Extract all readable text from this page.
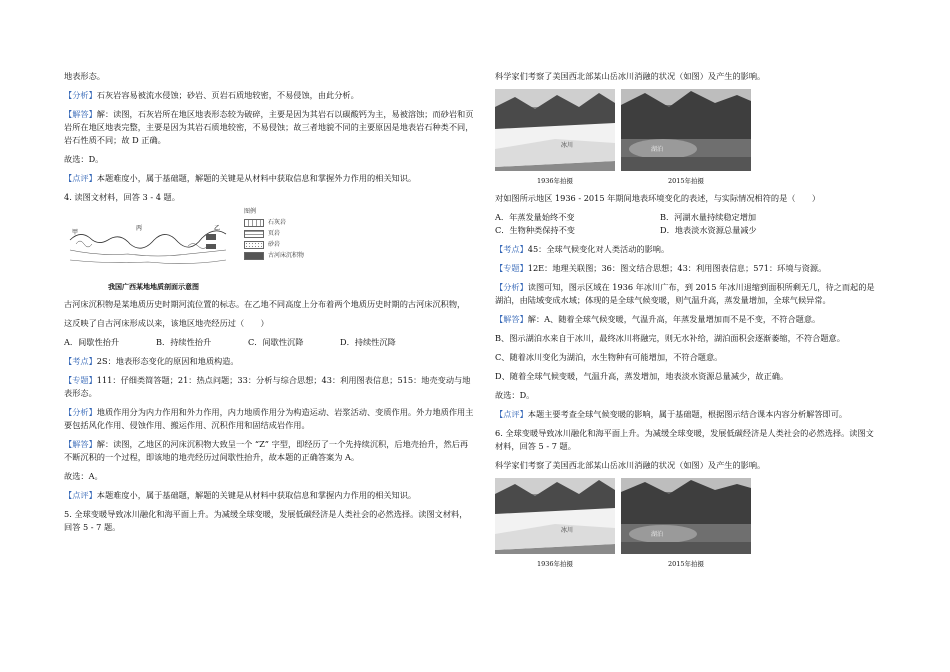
地表形态。

【分析】石灰岩容易被流水侵蚀；砂岩、页岩石质地较密，不易侵蚀，由此分析。

【解答】解：读图，石灰岩所在地区地表形态较为破碎，主要是因为其岩石以碳酸钙为主，易被溶蚀；而砂岩和页岩所在地区地表完整，主要是因为其岩石质地较密，不易侵蚀；故三者地貌不同的主要原因是地表岩石种类不同，岩石性质不同；故 D 正确。

故选：D。

【点评】本题难度小，属于基础题，解题的关键是从材料中获取信息和掌握外力作用的相关知识。

4. 读图文材料，回答 3 - 4 题。

甲
丙	乙
图例
石灰岩
页岩
砂岩
古河床沉积物
我国广西某地地质剖面示意图

古河床沉积物是某地质历史时期河流位置的标志。在乙地不同高度上分布着两个地质历史时期的古河床沉积物，

这反映了自古河床形成以来，该地区地壳经历过（　　）

A．间歇性抬升	B．持续性抬升	C．间歇性沉降	D．持续性沉降

【考点】2S：地表形态变化的原因和地质构造。

【专题】111：仔细类简答题；21：热点问题；33：分析与综合思想；43：利用图表信息；515：地壳变动与地表形态。

【分析】地质作用分为内力作用和外力作用，内力地质作用分为构造运动、岩浆活动、变质作用。外力地质作用主要包括风化作用、侵蚀作用、搬运作用、沉积作用和固结成岩作用。

【解答】解：读图，乙地区的河床沉积物大致呈一个 “Z” 字型，即经历了一个先持续沉积，后地壳抬升，然后再不断沉积的一个过程，即该地的地壳经历过间歇性抬升，故本题的正确答案为 A。

故选：A。

【点评】本题难度小，属于基础题，解题的关键是从材料中获取信息和掌握内力作用的相关知识。

5. 全球变暖导致冰川融化和海平面上升。为减缓全球变暖，发展低碳经济是人类社会的必然选择。读图文材料，回答 5 - 7 题。

科学家们考察了美国西北部某山岳冰川消融的状况（如图）及产生的影响。

冰川
1936年拍摄
湖泊
2015年拍摄

对如图所示地区 1936 - 2015 年期间地表环境变化的表述，与实际情况相符的是（　　）

A．年蒸发量始终不变	B．河湖水量持续稳定增加
C．生物种类保持不变	D．地表淡水资源总量减少

【考点】45：全球气候变化对人类活动的影响。

【专题】12E：地理关联图；36：图文结合思想；43：利用图表信息；571：环境与资源。

【分析】读图可知，图示区域在 1936 年冰川广布，到 2015 年冰川退缩到面积所剩无几，待之而起的是湖泊，由陆域变成水域；体现的是全球气候变暖，则气温升高，蒸发量增加，全球气候异常。

【解答】解：A、随着全球气候变暖，气温升高，年蒸发量增加而不是不变，不符合题意。

B、图示湖泊水来自于冰川，最终冰川将融完，则无水补给，湖泊面积会逐渐萎缩，不符合题意。

C、随着冰川变化为湖泊，水生物种有可能增加，不符合题意。

D、随着全球气候变暖，气温升高，蒸发增加，地表淡水资源总量减少，故正确。

故选：D。

【点评】本题主要考查全球气候变暖的影响，属于基础题，根据图示结合课本内容分析解答即可。

6. 全球变暖导致冰川融化和海平面上升。为减缓全球变暖，发展低碳经济是人类社会的必然选择。读图文材料，回答 5 - 7 题。

科学家们考察了美国西北部某山岳冰川消融的状况（如图）及产生的影响。

冰川
1936年拍摄
湖泊
2015年拍摄
